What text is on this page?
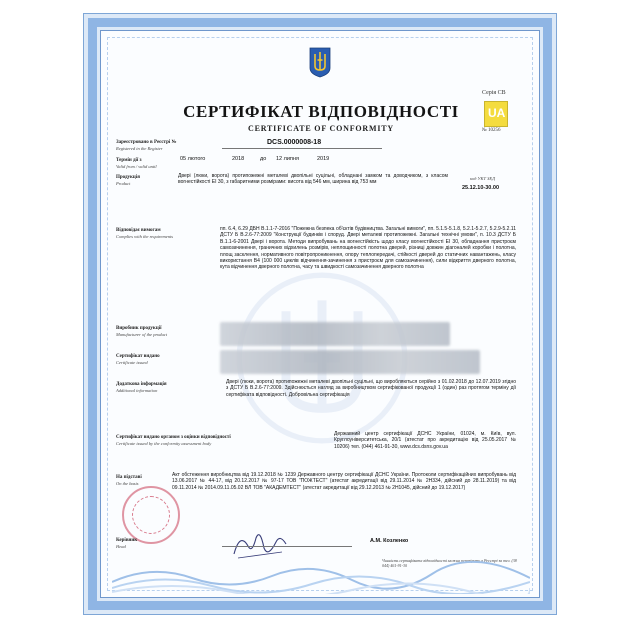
Серія СВ
UA
№ 10256
СЕРТИФІКАТ ВІДПОВІДНОСТІ
CERTIFICATE OF CONFORMITY
Зареєстровано в Реєстрі №
Registered in the Register
DCS.0000008-18
Термін дії з
Valid from / valid until
05 лютого	2018	до 12 липня	2019
Продукція
Product
Двері (люки, ворота) протипожежні металеві двопільні суцільні, обладнані замком та доводчиком, з класом вогнестійкості ЕІ 30, з габаритними розмірами: висота від 546 мм, ширина від 753 мм
код УКТ ЗЕД
25.12.10-30.00
Відповідає вимогам
Complies with the requirements
пп. 6.4, 6.29 ДБН В.1.1-7-2016 "Пожежна безпека об'єктів будівництва. Загальні вимоги", пп. 5.1.5-5.1.8, 5.2.1-5.2.7, 5.2.9-5.2.11 ДСТУ Б В.2.6-77:2009 "Конструкції будинків і споруд. Двері металеві протипожежні. Загальні технічні умови", п. 10.3 ДСТУ Б В.1.1-6-2001 Двері і ворота. Методи випробувань на вогнестійкість щодо класу вогнестійкості ЕІ 30, обладнання пристроєм самозачинення, граничних відхилень розмірів, неплощинності полотна дверей, різниці довжин діагоналей коробки і полотна, площ засклення, нормативного повітропроникнення, опору теплопередачі, стійкості дверей до статичних навантажень, класу використання В4 (100 000 циклів відчинення-зачинення з пристроєм для самозачинення), сили відкриття дверного полотна, кута відчинення дверного полотна, часу та швидкості самозачинення дверного полотна
Виробник продукції
Manufacturer of the product
Сертифікат видано
Certificate issued
Додаткова інформація
Additional information
Двері (люки, ворота) протипожежні металеві двопільні суцільні, що виробляються серійно з 01.02.2018 до 12.07.2019 згідно з ДСТУ Б В.2.6-77:2009. Здійснюється нагляд за виробництвом сертифікованої продукції 1 (один) раз протягом терміну дії сертифіката відповідності. Добровільна сертифікація
Сертифікат видано органом з оцінки відповідності
Certificate issued by the conformity assessment body
Державний центр сертифікації ДСНС України, 01024, м. Київ, вул. Круглоуніверситетська, 20/1 (атестат про акредитацію від 25.05.2017 № 10206) тел. (044) 461-91-30, www.dcs.dsns.gov.ua
На підставі
On the basis
Акт обстеження виробництва від 19.12.2018 № 1239 Державного центру сертифікації ДСНС України. Протоколи сертифікаційних випробувань від 13.06.2017 № 44-17, від 20.12.2017 № 97-17 ТОВ "ПОЖТЕСТ" (атестат акредитації від 29.11.2014 № 2Н334, дійсний до 28.11.2019) та від 09.11.2014 № 2014.09.11.05.02 ВЛ ТОВ "АКАДЕМТЕСТ" (атестат акредитації від 29.12.2013 № 2Н1045, дійсний до 19.12.2017)
Керівник
Head
А.М. Козленко
Чинність сертифіката відповідності можна перевірити в Реєстрі за тел. (38 044) 461-91-30
